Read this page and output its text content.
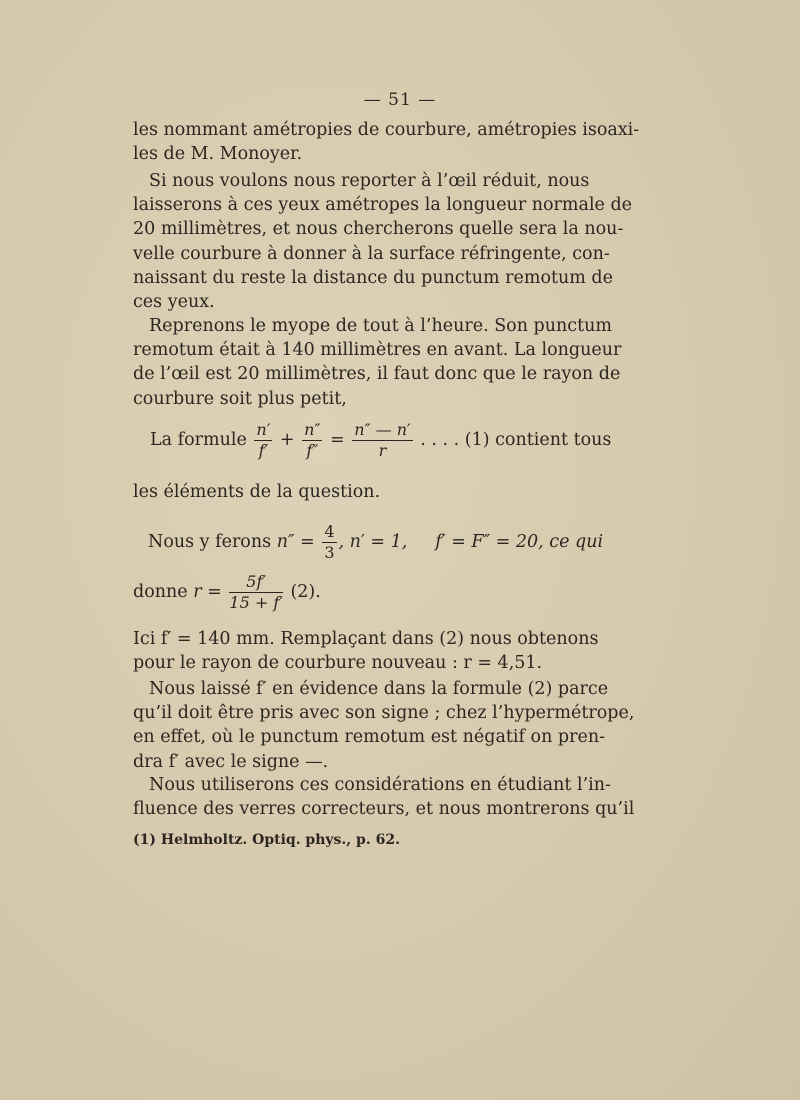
— 51 —
les nommant amétropies de courbure, amétropies isoaxi-
les de M. Monoyer.
Si nous voulons nous reporter à l’œil réduit, nous
laisserons à ces yeux amétropes la longueur normale de
20 millimètres, et nous chercherons quelle sera la nou-
velle courbure à donner à la surface réfringente, con-
naissant du reste la distance du punctum remotum de
ces yeux.
Reprenons le myope de tout à l’heure. Son punctum
remotum était à 140 millimètres en avant. La longueur
de l’œil est 20 millimètres, il faut donc que le rayon de
courbure soit plus petit,
La formule $\frac{n'}{f'} + \frac{n''}{f''} = \frac{n'' — n'}{r}$ . . . . (1) contient tous
les éléments de la question.
Nous y ferons $n'' = \frac{4}{3}$ , n′ = 1, f′ = F″ = 20, ce qui
donne $r = \frac{5f'}{15 + f'} (2)$.
Ici f′ = 140 mm. Remplaçant dans (2) nous obtenons
pour le rayon de courbure nouveau : r = 4,51.
Nous laissé f′ en évidence dans la formule (2) parce
qu’il doit être pris avec son signe ; chez l’hypermétrope,
en effet, où le punctum remotum est négatif on pren-
dra f′ avec le signe —.
Nous utiliserons ces considérations en étudiant l’in-
fluence des verres correcteurs, et nous montrerons qu’il
(1) Helmholtz. Optiq. phys., p. 62.
